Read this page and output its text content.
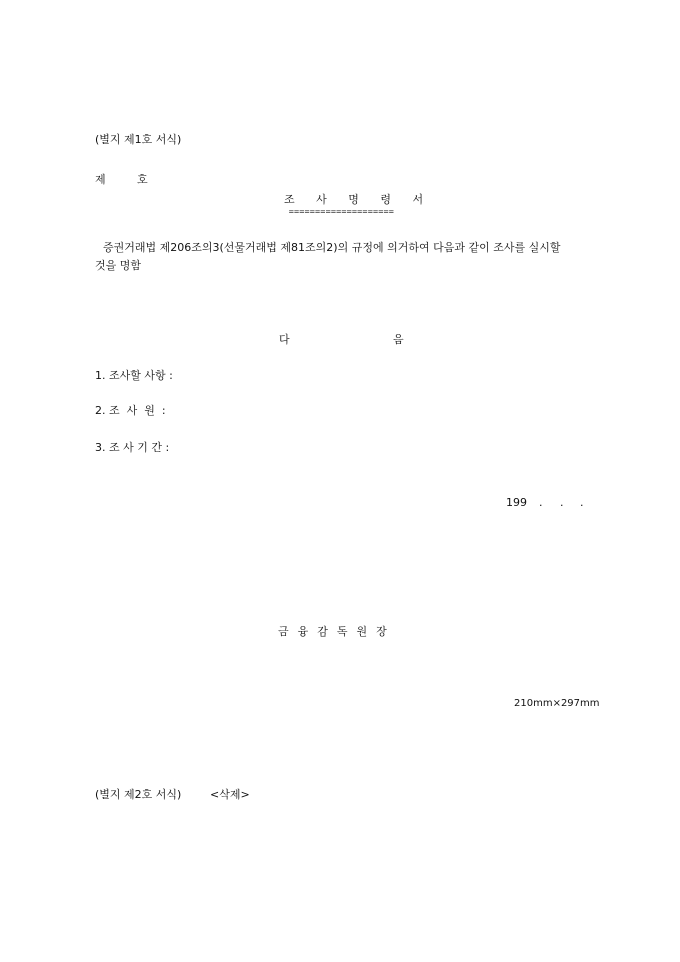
(별지 제1호 서식)
제	호
조 사 명 령 서
====================
증권거래법 제206조의3(선물거래법 제81조의2)의 규정에 의거하여 다음과 같이 조사를 실시할 것을 명함
다	음
1. 조사할 사항 :
2. 조  사  원  :
3. 조 사 기 간 :
199 . . .
금융감독원장
210mm×297mm
(별지 제2호 서식)	<삭제>
